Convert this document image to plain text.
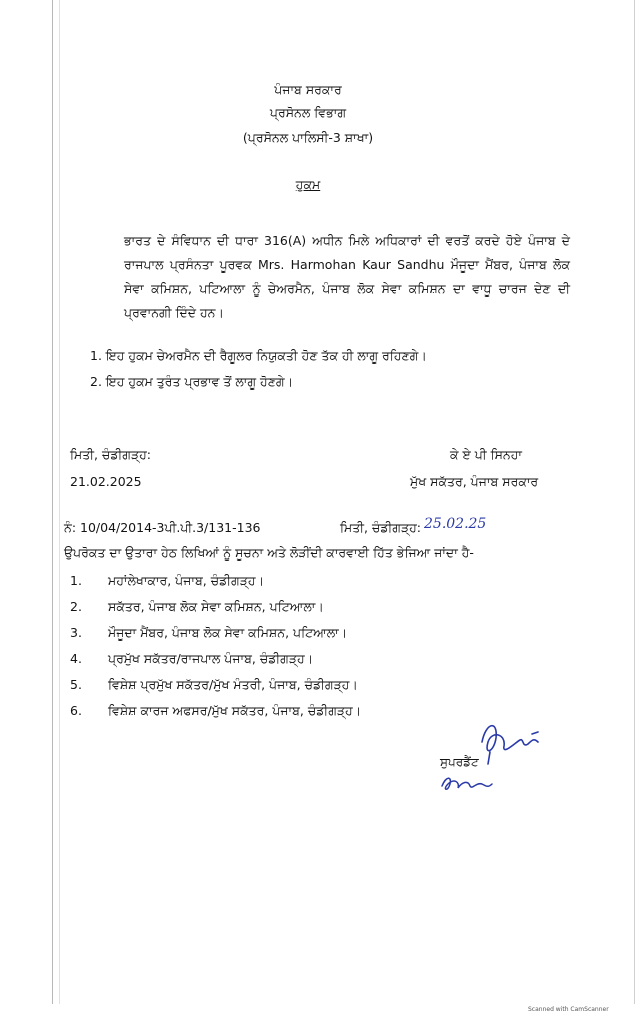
ਪੰਜਾਬ ਸਰਕਾਰ
ਪ੍ਰਸੋਨਲ ਵਿਭਾਗ
(ਪ੍ਰਸੋਨਲ ਪਾਲਿਸੀ-3 ਸ਼ਾਖਾ)
ਹੁਕਮ
ਭਾਰਤ ਦੇ ਸੰਵਿਧਾਨ ਦੀ ਧਾਰਾ 316(A) ਅਧੀਨ ਮਿਲੇ ਅਧਿਕਾਰਾਂ ਦੀ ਵਰਤੋਂ ਕਰਦੇ ਹੋਏ ਪੰਜਾਬ ਦੇ ਰਾਜਪਾਲ ਪ੍ਰਸੰਨਤਾ ਪੂਰਵਕ Mrs. Harmohan Kaur Sandhu ਮੌਜੂਦਾ ਮੈਂਬਰ, ਪੰਜਾਬ ਲੋਕ ਸੇਵਾ ਕਮਿਸ਼ਨ, ਪਟਿਆਲਾ ਨੂੰ ਚੇਅਰਮੈਨ, ਪੰਜਾਬ ਲੋਕ ਸੇਵਾ ਕਮਿਸ਼ਨ ਦਾ ਵਾਧੂ ਚਾਰਜ ਦੇਣ ਦੀ ਪ੍ਰਵਾਨਗੀ ਦਿੰਦੇ ਹਨ।
1. ਇਹ ਹੁਕਮ ਚੇਅਰਮੈਨ ਦੀ ਰੈਗੂਲਰ ਨਿਯੁਕਤੀ ਹੋਣ ਤੱਕ ਹੀ ਲਾਗੂ ਰਹਿਣਗੇ।
2. ਇਹ ਹੁਕਮ ਤੁਰੰਤ ਪ੍ਰਭਾਵ ਤੋਂ ਲਾਗੂ ਹੋਣਗੇ।
ਮਿਤੀ, ਚੰਡੀਗੜ੍ਹ:
21.02.2025
ਕੇ ਏ ਪੀ ਸਿਨਹਾ
ਮੁੱਖ ਸਕੱਤਰ, ਪੰਜਾਬ ਸਰਕਾਰ
ਨੰ: 10/04/2014-3ਪੀ.ਪੀ.3/131-136	ਮਿਤੀ, ਚੰਡੀਗੜ੍ਹ: 25.02.25
ਉਪਰੋਕਤ ਦਾ ਉਤਾਰਾ ਹੇਠ ਲਿਖਿਆਂ ਨੂੰ ਸੂਚਨਾ ਅਤੇ ਲੋੜੀਂਦੀ ਕਾਰਵਾਈ ਹਿੱਤ ਭੇਜਿਆ ਜਾਂਦਾ ਹੈ-
1. ਮਹਾਂਲੇਖਾਕਾਰ, ਪੰਜਾਬ, ਚੰਡੀਗੜ੍ਹ।
2. ਸਕੱਤਰ, ਪੰਜਾਬ ਲੋਕ ਸੇਵਾ ਕਮਿਸ਼ਨ, ਪਟਿਆਲਾ।
3. ਮੌਜੂਦਾ ਮੈਂਬਰ, ਪੰਜਾਬ ਲੋਕ ਸੇਵਾ ਕਮਿਸ਼ਨ, ਪਟਿਆਲਾ।
4. ਪ੍ਰਮੁੱਖ ਸਕੱਤਰ/ਰਾਜਪਾਲ ਪੰਜਾਬ, ਚੰਡੀਗੜ੍ਹ।
5. ਵਿਸ਼ੇਸ਼ ਪ੍ਰਮੁੱਖ ਸਕੱਤਰ/ਮੁੱਖ ਮੰਤਰੀ, ਪੰਜਾਬ, ਚੰਡੀਗੜ੍ਹ।
6. ਵਿਸ਼ੇਸ਼ ਕਾਰਜ ਅਫਸਰ/ਮੁੱਖ ਸਕੱਤਰ, ਪੰਜਾਬ, ਚੰਡੀਗੜ੍ਹ।
ਸੁਪਰਡੈਂਟ
Scanned with CamScanner
